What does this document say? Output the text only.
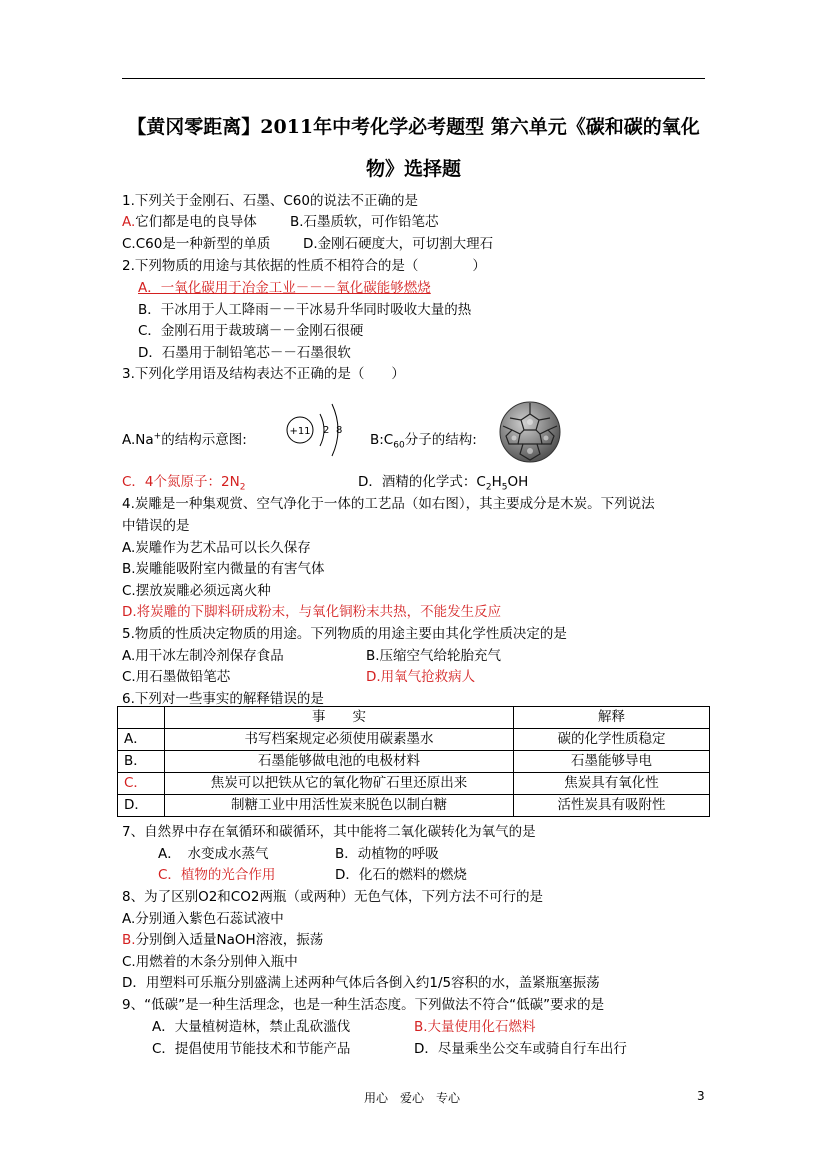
【黄冈零距离】2011年中考化学必考题型 第六单元《碳和碳的氧化
物》选择题
1.下列关于金刚石、石墨、C60的说法不正确的是
A.它们都是电的良导体 B.石墨质软，可作铅笔芯
C.C60是一种新型的单质 D.金刚石硬度大，可切割大理石
2.下列物质的用途与其依据的性质不相符合的是（　　　　）
A．一氧化碳用于冶金工业－－－氧化碳能够燃烧
B．干冰用于人工降雨－－干冰易升华同时吸收大量的热
C．金刚石用于裁玻璃－－金刚石很硬
D．石墨用于制铅笔芯－－石墨很软
3.下列化学用语及结构表达不正确的是（　　）
A.Na+的结构示意图:
+11 2 8
$B:C_{60}$分子的结构:
C．4个氮原子：$2N_2$	D．酒精的化学式：$C_2H_5OH$
4.炭雕是一种集观赏、空气净化于一体的工艺品（如右图），其主要成分是木炭。下列说法
中错误的是
A.炭雕作为艺术品可以长久保存
B.炭雕能吸附室内微量的有害气体
C.摆放炭雕必须远离火种
D.将炭雕的下脚料研成粉末，与氧化铜粉末共热，不能发生反应
5.物质的性质决定物质的用途。下列物质的用途主要由其化学性质决定的是
A.用干冰左制冷剂保存食品	B.压缩空气给轮胎充气
C.用石墨做铅笔芯	D.用氧气抢救病人
6.下列对一些事实的解释错误的是
	事　　实	解释
A．	书写档案规定必须使用碳素墨水	碳的化学性质稳定
B．	石墨能够做电池的电极材料	石墨能够导电
C．	焦炭可以把铁从它的氧化物矿石里还原出来	焦炭具有氧化性
D．	制糖工业中用活性炭来脱色以制白糖	活性炭具有吸附性
7、自然界中存在氧循环和碳循环，其中能将二氧化碳转化为氧气的是
A．　水变成水蒸气	B．动植物的呼吸
C．植物的光合作用	D．化石的燃料的燃烧
8、为了区别O2和CO2两瓶（或两种）无色气体，下列方法不可行的是
A.分别通入紫色石蕊试液中
B.分别倒入适量NaOH溶液，振荡
C.用燃着的木条分别伸入瓶中
D．用塑料可乐瓶分别盛满上述两种气体后各倒入约1/5容积的水，盖紧瓶塞振荡
9、“低碳”是一种生活理念，也是一种生活态度。下列做法不符合“低碳”要求的是
A．大量植树造林，禁止乱砍滥伐	B.大量使用化石燃料
C．提倡使用节能技术和节能产品	D．尽量乘坐公交车或骑自行车出行
用心　爱心　专心	3
